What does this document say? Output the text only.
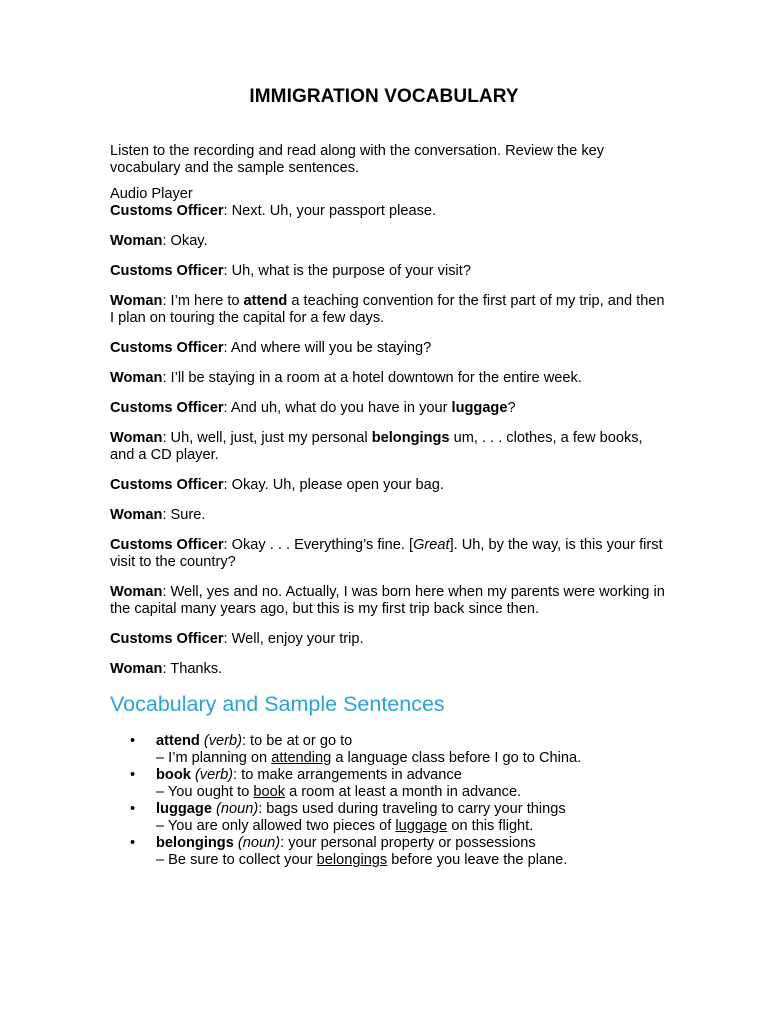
IMMIGRATION VOCABULARY

Listen to the recording and read along with the conversation. Review the key vocabulary and the sample sentences.

Audio Player

Customs Officer: Next. Uh, your passport please.

Woman: Okay.

Customs Officer: Uh, what is the purpose of your visit?

Woman: I’m here to attend a teaching convention for the first part of my trip, and then I plan on touring the capital for a few days.

Customs Officer: And where will you be staying?

Woman: I’ll be staying in a room at a hotel downtown for the entire week.

Customs Officer: And uh, what do you have in your luggage?

Woman: Uh, well, just, just my personal belongings um, . . . clothes, a few books, and a CD player.

Customs Officer: Okay. Uh, please open your bag.

Woman: Sure.

Customs Officer: Okay . . . Everything’s fine. [Great]. Uh, by the way, is this your first visit to the country?

Woman: Well, yes and no. Actually, I was born here when my parents were working in the capital many years ago, but this is my first trip back since then.

Customs Officer: Well, enjoy your trip.

Woman: Thanks.

Vocabulary and Sample Sentences
• attend (verb): to be at or go to
– I’m planning on attending a language class before I go to China.
• book (verb): to make arrangements in advance
– You ought to book a room at least a month in advance.
• luggage (noun): bags used during traveling to carry your things
– You are only allowed two pieces of luggage on this flight.
• belongings (noun): your personal property or possessions
– Be sure to collect your belongings before you leave the plane.
